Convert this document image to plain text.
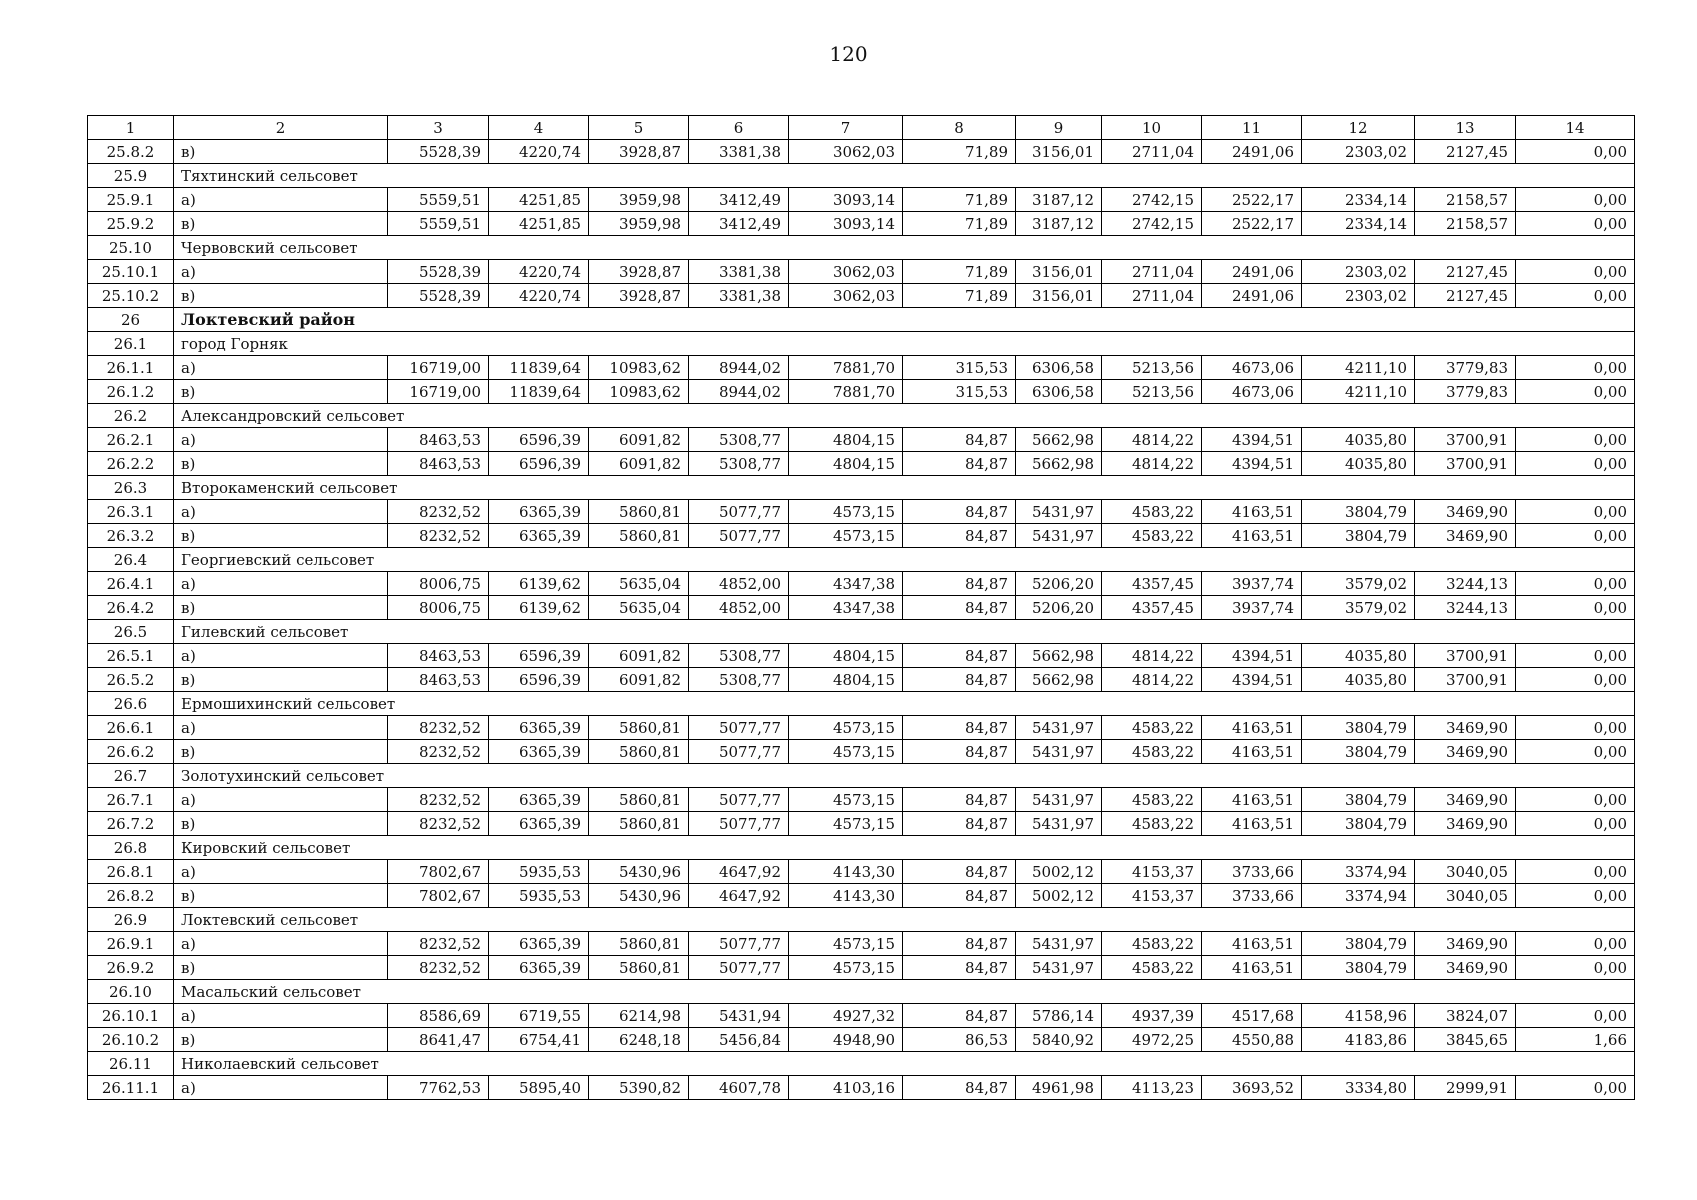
120
1	2	3	4	5	6	7	8	9	10	11	12	13	14
25.8.2	в)	5528,39	4220,74	3928,87	3381,38	3062,03	71,89	3156,01	2711,04	2491,06	2303,02	2127,45	0,00
25.9	Тяхтинский сельсовет												
25.9.1	а)	5559,51	4251,85	3959,98	3412,49	3093,14	71,89	3187,12	2742,15	2522,17	2334,14	2158,57	0,00
25.9.2	в)	5559,51	4251,85	3959,98	3412,49	3093,14	71,89	3187,12	2742,15	2522,17	2334,14	2158,57	0,00
25.10	Червовский сельсовет												
25.10.1	а)	5528,39	4220,74	3928,87	3381,38	3062,03	71,89	3156,01	2711,04	2491,06	2303,02	2127,45	0,00
25.10.2	в)	5528,39	4220,74	3928,87	3381,38	3062,03	71,89	3156,01	2711,04	2491,06	2303,02	2127,45	0,00
26	Локтевский район												
26.1	город Горняк												
26.1.1	а)	16719,00	11839,64	10983,62	8944,02	7881,70	315,53	6306,58	5213,56	4673,06	4211,10	3779,83	0,00
26.1.2	в)	16719,00	11839,64	10983,62	8944,02	7881,70	315,53	6306,58	5213,56	4673,06	4211,10	3779,83	0,00
26.2	Александровский сельсовет												
26.2.1	а)	8463,53	6596,39	6091,82	5308,77	4804,15	84,87	5662,98	4814,22	4394,51	4035,80	3700,91	0,00
26.2.2	в)	8463,53	6596,39	6091,82	5308,77	4804,15	84,87	5662,98	4814,22	4394,51	4035,80	3700,91	0,00
26.3	Второкаменский сельсовет												
26.3.1	а)	8232,52	6365,39	5860,81	5077,77	4573,15	84,87	5431,97	4583,22	4163,51	3804,79	3469,90	0,00
26.3.2	в)	8232,52	6365,39	5860,81	5077,77	4573,15	84,87	5431,97	4583,22	4163,51	3804,79	3469,90	0,00
26.4	Георгиевский сельсовет												
26.4.1	а)	8006,75	6139,62	5635,04	4852,00	4347,38	84,87	5206,20	4357,45	3937,74	3579,02	3244,13	0,00
26.4.2	в)	8006,75	6139,62	5635,04	4852,00	4347,38	84,87	5206,20	4357,45	3937,74	3579,02	3244,13	0,00
26.5	Гилевский сельсовет												
26.5.1	а)	8463,53	6596,39	6091,82	5308,77	4804,15	84,87	5662,98	4814,22	4394,51	4035,80	3700,91	0,00
26.5.2	в)	8463,53	6596,39	6091,82	5308,77	4804,15	84,87	5662,98	4814,22	4394,51	4035,80	3700,91	0,00
26.6	Ермошихинский сельсовет												
26.6.1	а)	8232,52	6365,39	5860,81	5077,77	4573,15	84,87	5431,97	4583,22	4163,51	3804,79	3469,90	0,00
26.6.2	в)	8232,52	6365,39	5860,81	5077,77	4573,15	84,87	5431,97	4583,22	4163,51	3804,79	3469,90	0,00
26.7	Золотухинский сельсовет												
26.7.1	а)	8232,52	6365,39	5860,81	5077,77	4573,15	84,87	5431,97	4583,22	4163,51	3804,79	3469,90	0,00
26.7.2	в)	8232,52	6365,39	5860,81	5077,77	4573,15	84,87	5431,97	4583,22	4163,51	3804,79	3469,90	0,00
26.8	Кировский сельсовет												
26.8.1	а)	7802,67	5935,53	5430,96	4647,92	4143,30	84,87	5002,12	4153,37	3733,66	3374,94	3040,05	0,00
26.8.2	в)	7802,67	5935,53	5430,96	4647,92	4143,30	84,87	5002,12	4153,37	3733,66	3374,94	3040,05	0,00
26.9	Локтевский сельсовет												
26.9.1	а)	8232,52	6365,39	5860,81	5077,77	4573,15	84,87	5431,97	4583,22	4163,51	3804,79	3469,90	0,00
26.9.2	в)	8232,52	6365,39	5860,81	5077,77	4573,15	84,87	5431,97	4583,22	4163,51	3804,79	3469,90	0,00
26.10	Масальский сельсовет												
26.10.1	а)	8586,69	6719,55	6214,98	5431,94	4927,32	84,87	5786,14	4937,39	4517,68	4158,96	3824,07	0,00
26.10.2	в)	8641,47	6754,41	6248,18	5456,84	4948,90	86,53	5840,92	4972,25	4550,88	4183,86	3845,65	1,66
26.11	Николаевский сельсовет												
26.11.1	а)	7762,53	5895,40	5390,82	4607,78	4103,16	84,87	4961,98	4113,23	3693,52	3334,80	2999,91	0,00
